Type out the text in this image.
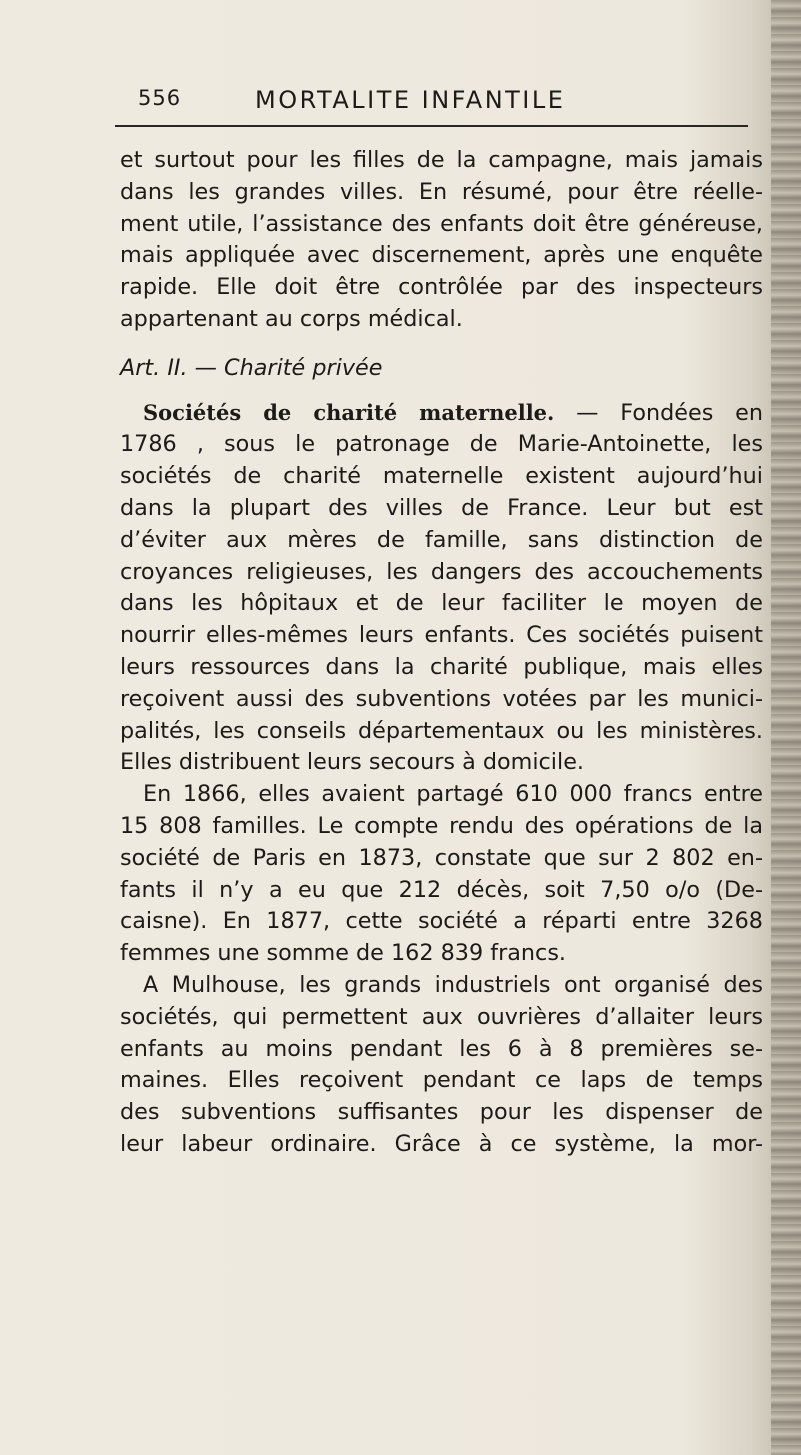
556	MORTALITE INFANTILE

et surtout pour les filles de la campagne, mais jamais
dans les grandes villes. En résumé, pour être réelle-
ment utile, l’assistance des enfants doit être généreuse,
mais appliquée avec discernement, après une enquête
rapide. Elle doit être contrôlée par des inspecteurs
appartenant au corps médical.

Art. II. — Charité privée

Sociétés de charité maternelle. — Fondées en
1786 , sous le patronage de Marie-Antoinette, les
sociétés de charité maternelle existent aujourd’hui
dans la plupart des villes de France. Leur but est
d’éviter aux mères de famille, sans distinction de
croyances religieuses, les dangers des accouchements
dans les hôpitaux et de leur faciliter le moyen de
nourrir elles-mêmes leurs enfants. Ces sociétés puisent
leurs ressources dans la charité publique, mais elles
reçoivent aussi des subventions votées par les munici-
palités, les conseils départementaux ou les ministères.
Elles distribuent leurs secours à domicile.

En 1866, elles avaient partagé 610 000 francs entre
15 808 familles. Le compte rendu des opérations de la
société de Paris en 1873, constate que sur 2 802 en-
fants il n’y a eu que 212 décès, soit 7,50 o/o (De-
caisne). En 1877, cette société a réparti entre 3268
femmes une somme de 162 839 francs.

A Mulhouse, les grands industriels ont organisé des
sociétés, qui permettent aux ouvrières d’allaiter leurs
enfants au moins pendant les 6 à 8 premières se-
maines. Elles reçoivent pendant ce laps de temps
des subventions suffisantes pour les dispenser de
leur labeur ordinaire. Grâce à ce système, la mor-
